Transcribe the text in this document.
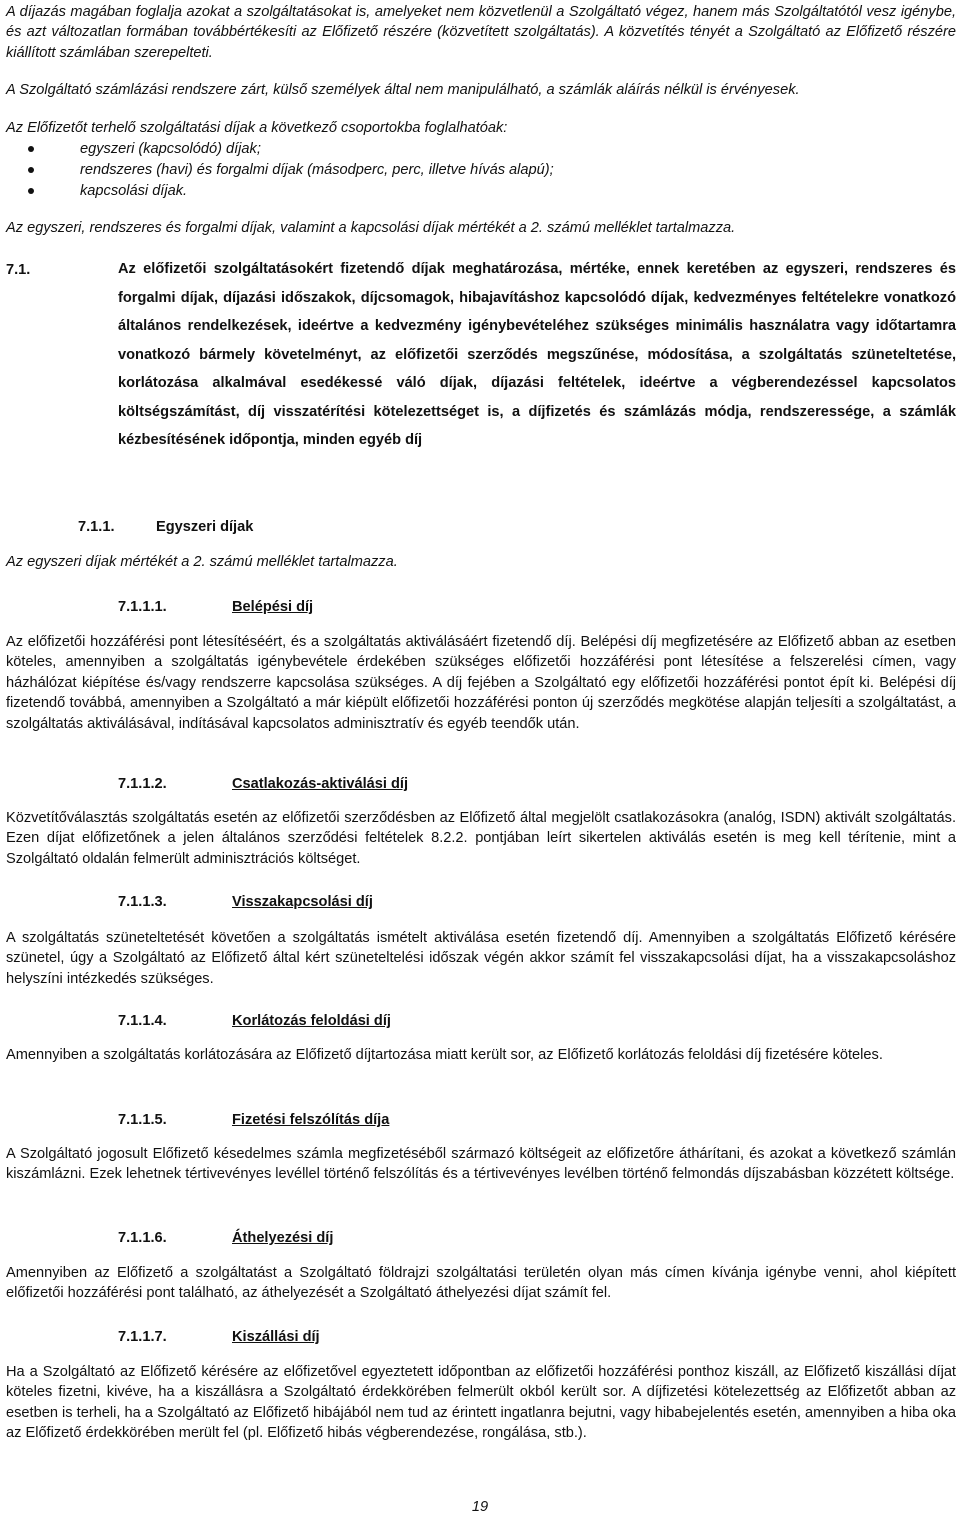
A díjazás magában foglalja azokat a szolgáltatásokat is, amelyeket nem közvetlenül a Szolgáltató végez, hanem más Szolgáltatótól vesz igénybe, és azt változatlan formában továbbértékesíti az Előfizető részére (közvetített szolgáltatás). A közvetítés tényét a Szolgáltató az Előfizető részére kiállított számlában szerepelteti.

A Szolgáltató számlázási rendszere zárt, külső személyek által nem manipulálható, a számlák aláírás nélkül is érvényesek.

Az Előfizetőt terhelő szolgáltatási díjak a következő csoportokba foglalhatóak:

egyszeri (kapcsolódó) díjak;
rendszeres (havi) és forgalmi díjak (másodperc, perc, illetve hívás alapú);
kapcsolási díjak.

Az egyszeri, rendszeres és forgalmi díjak, valamint a kapcsolási díjak mértékét a 2. számú melléklet tartalmazza.

7.1.	Az előfizetői szolgáltatásokért fizetendő díjak meghatározása, mértéke, ennek keretében az egyszeri, rendszeres és forgalmi díjak, díjazási időszakok, díjcsomagok, hibajavításhoz kapcsolódó díjak, kedvezményes feltételekre vonatkozó általános rendelkezések, ideértve a kedvezmény igénybevételéhez szükséges minimális használatra vagy időtartamra vonatkozó bármely követelményt, az előfizetői szerződés megszűnése, módosítása, a szolgáltatás szüneteltetése, korlátozása alkalmával esedékessé váló díjak, díjazási feltételek, ideértve a végberendezéssel kapcsolatos költségszámítást, díj visszatérítési kötelezettséget is, a díjfizetés és számlázás módja, rendszeressége, a számlák kézbesítésének időpontja, minden egyéb díj

7.1.1.	Egyszeri díjak

Az egyszeri díjak mértékét a 2. számú melléklet tartalmazza.

7.1.1.1.	Belépési díj

Az előfizetői hozzáférési pont létesítéséért, és a szolgáltatás aktiválásáért fizetendő díj. Belépési díj megfizetésére az Előfizető abban az esetben köteles, amennyiben a szolgáltatás igénybevétele érdekében szükséges előfizetői hozzáférési pont létesítése a felszerelési címen, vagy házhálózat kiépítése és/vagy rendszerre kapcsolása szükséges. A díj fejében a Szolgáltató egy előfizetői hozzáférési pontot épít ki. Belépési díj fizetendő továbbá, amennyiben a Szolgáltató a már kiépült előfizetői hozzáférési ponton új szerződés megkötése alapján teljesíti a szolgáltatást, a szolgáltatás aktiválásával, indításával kapcsolatos adminisztratív és egyéb teendők után.

7.1.1.2.	Csatlakozás-aktiválási díj

Közvetítőválasztás szolgáltatás esetén az előfizetői szerződésben az Előfizető által megjelölt csatlakozásokra (analóg, ISDN) aktivált szolgáltatás. Ezen díjat előfizetőnek a jelen általános szerződési feltételek 8.2.2. pontjában leírt sikertelen aktiválás esetén is meg kell térítenie, mint a Szolgáltató oldalán felmerült adminisztrációs költséget.

7.1.1.3.	Visszakapcsolási díj

A szolgáltatás szüneteltetését követően a szolgáltatás ismételt aktiválása esetén fizetendő díj. Amennyiben a szolgáltatás Előfizető kérésére szünetel, úgy a Szolgáltató az Előfizető által kért szüneteltelési időszak végén akkor számít fel visszakapcsolási díjat, ha a visszakapcsoláshoz helyszíni intézkedés szükséges.

7.1.1.4.	Korlátozás feloldási díj

Amennyiben a szolgáltatás korlátozására az Előfizető díjtartozása miatt került sor, az Előfizető korlátozás feloldási díj fizetésére köteles.

7.1.1.5.	Fizetési felszólítás díja

A Szolgáltató jogosult Előfizető késedelmes számla megfizetéséből származó költségeit az előfizetőre áthárítani, és azokat a következő számlán kiszámlázni. Ezek lehetnek tértivevényes levéllel történő felszólítás és a tértivevényes levélben történő felmondás díjszabásban közzétett költsége.

7.1.1.6.	Áthelyezési díj

Amennyiben az Előfizető a szolgáltatást a Szolgáltató földrajzi szolgáltatási területén olyan más címen kívánja igénybe venni, ahol kiépített előfizetői hozzáférési pont található, az áthelyezését a Szolgáltató áthelyezési díjat számít fel.

7.1.1.7.	Kiszállási díj

Ha a Szolgáltató az Előfizető kérésére az előfizetővel egyeztetett időpontban az előfizetői hozzáférési ponthoz kiszáll, az Előfizető kiszállási díjat köteles fizetni, kivéve, ha a kiszállásra a Szolgáltató érdekkörében felmerült okból került sor. A díjfizetési kötelezettség az Előfizetőt abban az esetben is terheli, ha a Szolgáltató az Előfizető hibájából nem tud az érintett ingatlanra bejutni, vagy hibabejelentés esetén, amennyiben a hiba oka az Előfizető érdekkörében merült fel (pl. Előfizető hibás végberendezése, rongálása, stb.).

19
